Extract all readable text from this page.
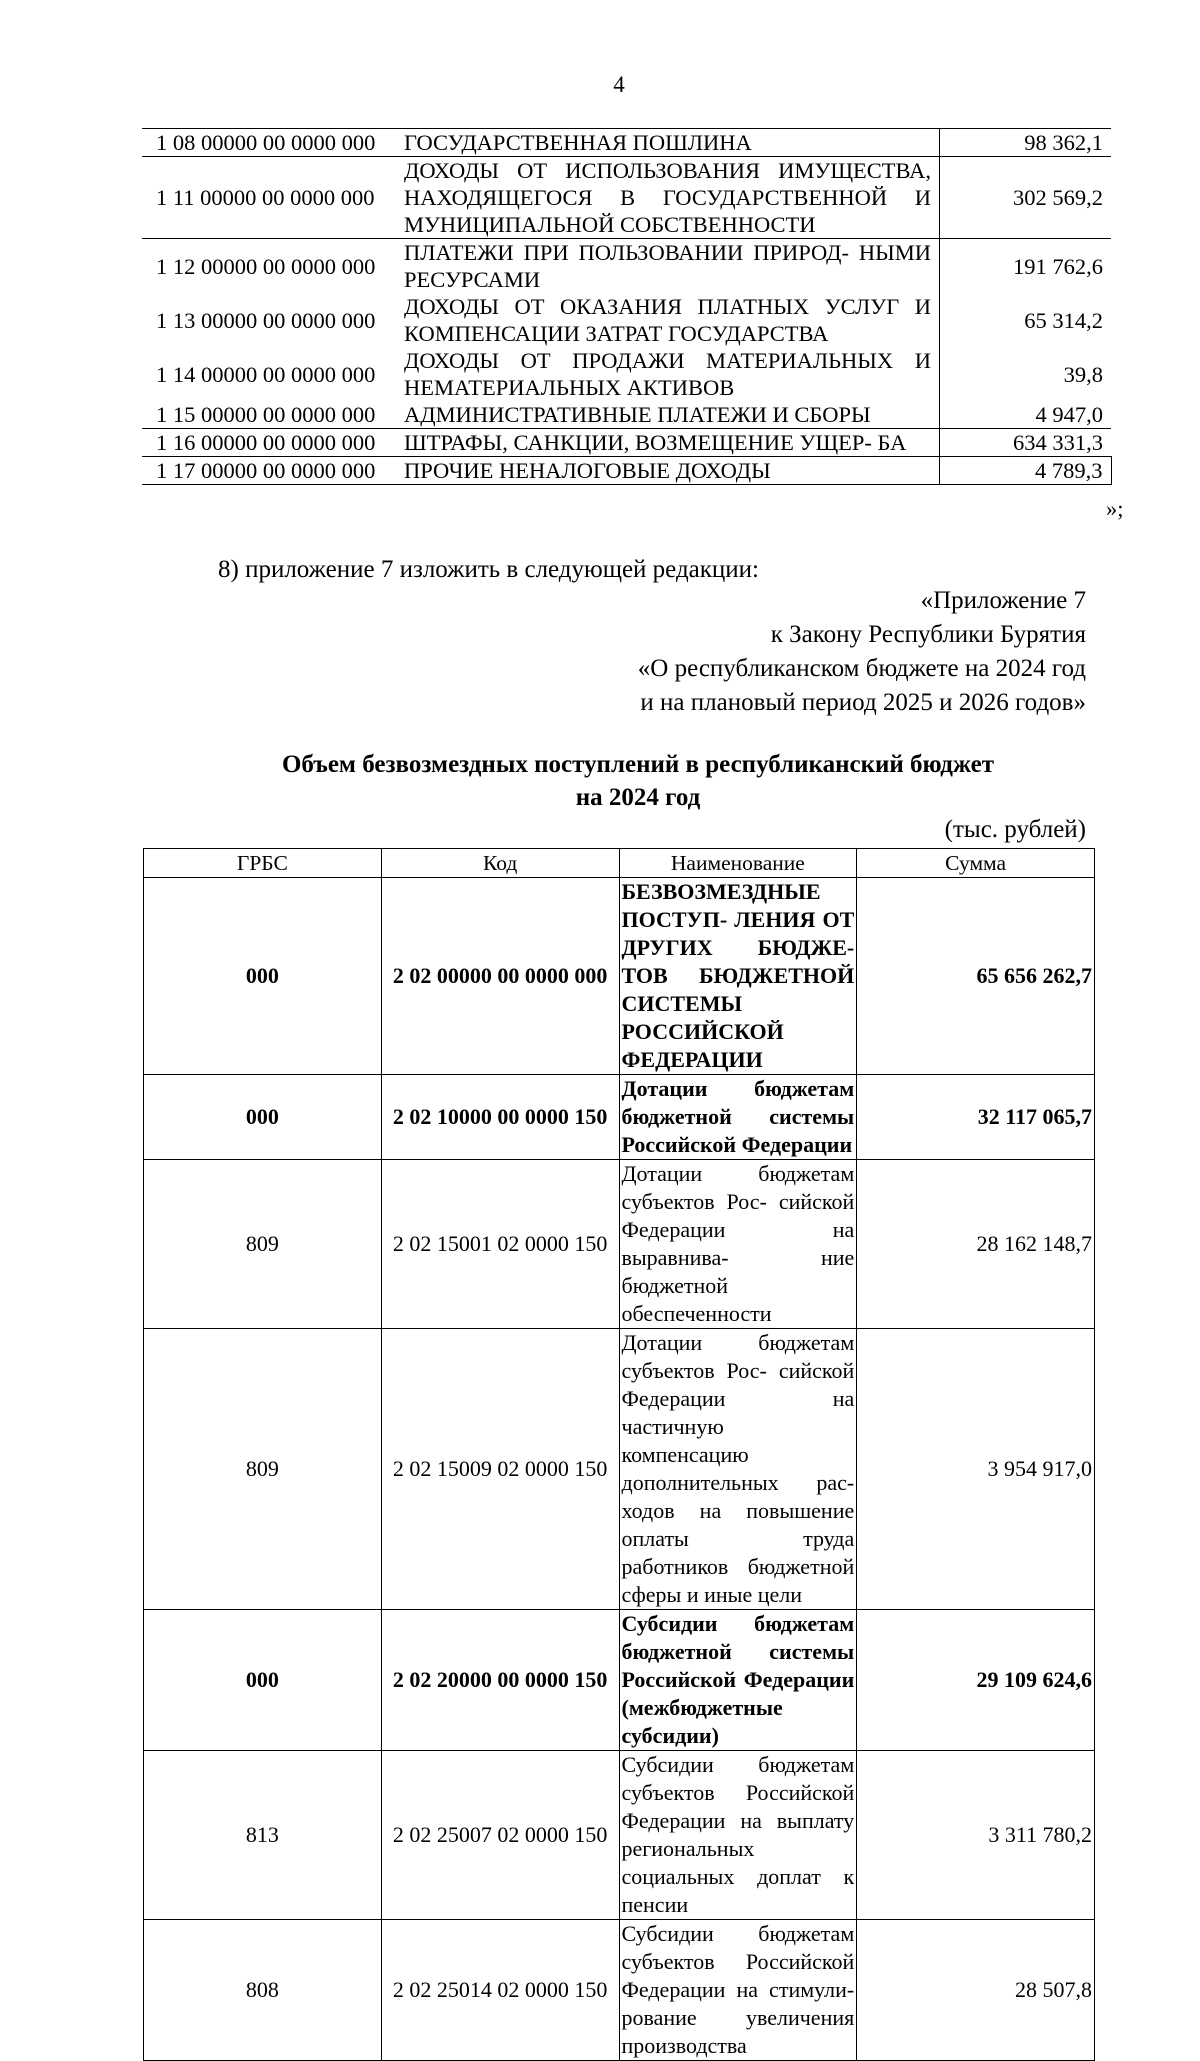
4
1 08 00000 00 0000 000	ГОСУДАРСТВЕННАЯ ПОШЛИНА	98 362,1
1 11 00000 00 0000 000	ДОХОДЫ ОТ ИСПОЛЬЗОВАНИЯ ИМУЩЕСТВА, НАХОДЯЩЕГОСЯ В ГОСУДАРСТВЕННОЙ И МУНИЦИПАЛЬНОЙ СОБСТВЕННОСТИ	302 569,2
1 12 00000 00 0000 000	ПЛАТЕЖИ ПРИ ПОЛЬЗОВАНИИ ПРИРОД- НЫМИ РЕСУРСАМИ	191 762,6
1 13 00000 00 0000 000	ДОХОДЫ ОТ ОКАЗАНИЯ ПЛАТНЫХ УСЛУГ И КОМПЕНСАЦИИ ЗАТРАТ ГОСУДАРСТВА	65 314,2
1 14 00000 00 0000 000	ДОХОДЫ ОТ ПРОДАЖИ МАТЕРИАЛЬНЫХ И НЕМАТЕРИАЛЬНЫХ АКТИВОВ	39,8
1 15 00000 00 0000 000	АДМИНИСТРАТИВНЫЕ ПЛАТЕЖИ И СБОРЫ	4 947,0
1 16 00000 00 0000 000	ШТРАФЫ, САНКЦИИ, ВОЗМЕЩЕНИЕ УЩЕР- БА	634 331,3
1 17 00000 00 0000 000	ПРОЧИЕ НЕНАЛОГОВЫЕ ДОХОДЫ	4 789,3
»;
8) приложение 7 изложить в следующей редакции:
«Приложение 7
к Закону Республики Бурятия
«О республиканском бюджете на 2024 год
и на плановый период 2025 и 2026 годов»
Объем безвозмездных поступлений в республиканский бюджет
на 2024 год
(тыс. рублей)
ГРБС	Код	Наименование	Сумма
000	2 02 00000 00 0000 000	БЕЗВОЗМЕЗДНЫЕ ПОСТУП- ЛЕНИЯ ОТ ДРУГИХ БЮДЖЕ- ТОВ БЮДЖЕТНОЙ СИСТЕМЫ РОССИЙСКОЙ ФЕДЕРАЦИИ	65 656 262,7
000	2 02 10000 00 0000 150	Дотации бюджетам бюджетной системы Российской Федерации	32 117 065,7
809	2 02 15001 02 0000 150	Дотации бюджетам субъектов Рос- сийской Федерации на выравнива- ние бюджетной обеспеченности	28 162 148,7
809	2 02 15009 02 0000 150	Дотации бюджетам субъектов Рос- сийской Федерации на частичную компенсацию дополнительных рас- ходов на повышение оплаты труда работников бюджетной сферы и иные цели	3 954 917,0
000	2 02 20000 00 0000 150	Субсидии бюджетам бюджетной системы Российской Федерации (межбюджетные субсидии)	29 109 624,6
813	2 02 25007 02 0000 150	Субсидии бюджетам субъектов Российской Федерации на выплату региональных социальных доплат к пенсии	3 311 780,2
808	2 02 25014 02 0000 150	Субсидии бюджетам субъектов Российской Федерации на стимули- рование увеличения производства	28 507,8
